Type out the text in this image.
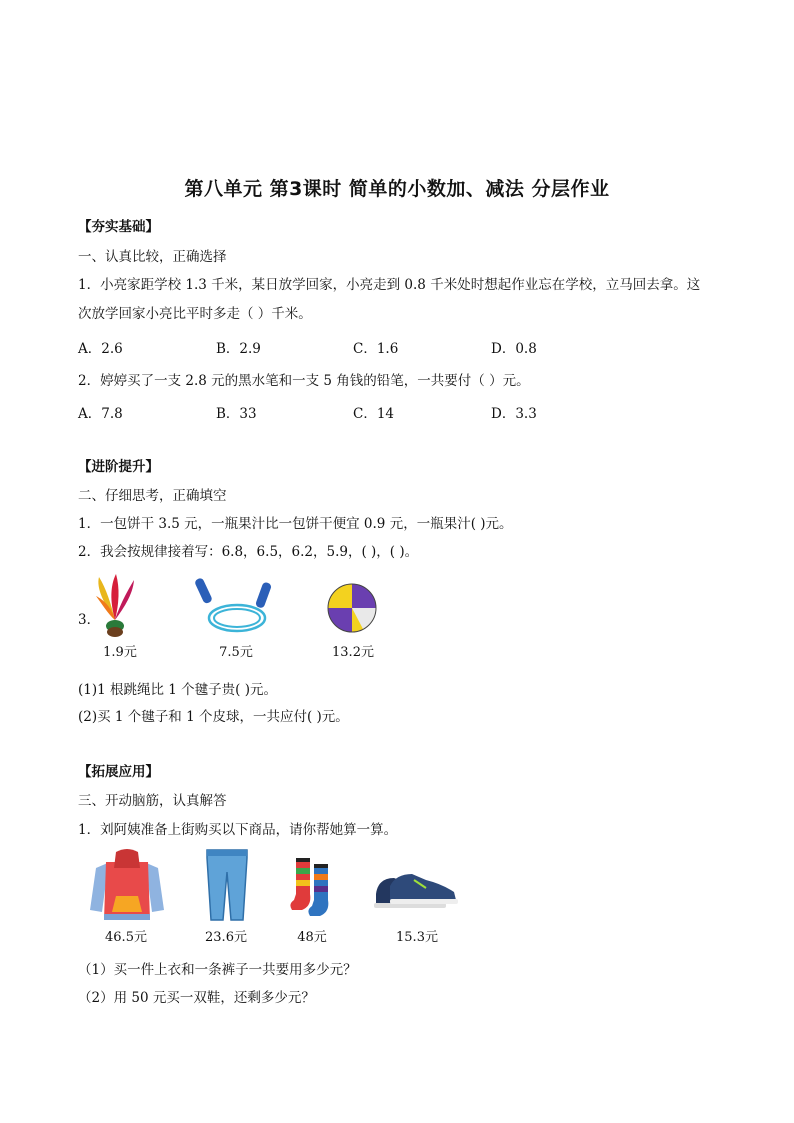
第八单元 第3课时 简单的小数加、减法 分层作业
【夯实基础】
一、认真比较，正确选择
1．小亮家距学校 1.3 千米，某日放学回家，小亮走到 0.8 千米处时想起作业忘在学校，立马回去拿。这
次放学回家小亮比平时多走（ ）千米。
A．2.6	B．2.9	C．1.6	D．0.8
2．婷婷买了一支 2.8 元的黑水笔和一支 5 角钱的铅笔，一共要付（ ）元。
A．7.8	B．33	C．14	D．3.3
【进阶提升】
二、仔细思考，正确填空
1．一包饼干 3.5 元，一瓶果汁比一包饼干便宜 0.9 元，一瓶果汁( )元。
2．我会按规律接着写：6.8，6.5，6.2，5.9，( )，( )。
3．
1.9元	7.5元	13.2元
(1)1 根跳绳比 1 个毽子贵( )元。
(2)买 1 个毽子和 1 个皮球，一共应付( )元。
【拓展应用】
三、开动脑筋，认真解答
1．刘阿姨准备上街购买以下商品，请你帮她算一算。
46.5元	23.6元	48元	15.3元
（1）买一件上衣和一条裤子一共要用多少元？
（2）用 50 元买一双鞋，还剩多少元？
